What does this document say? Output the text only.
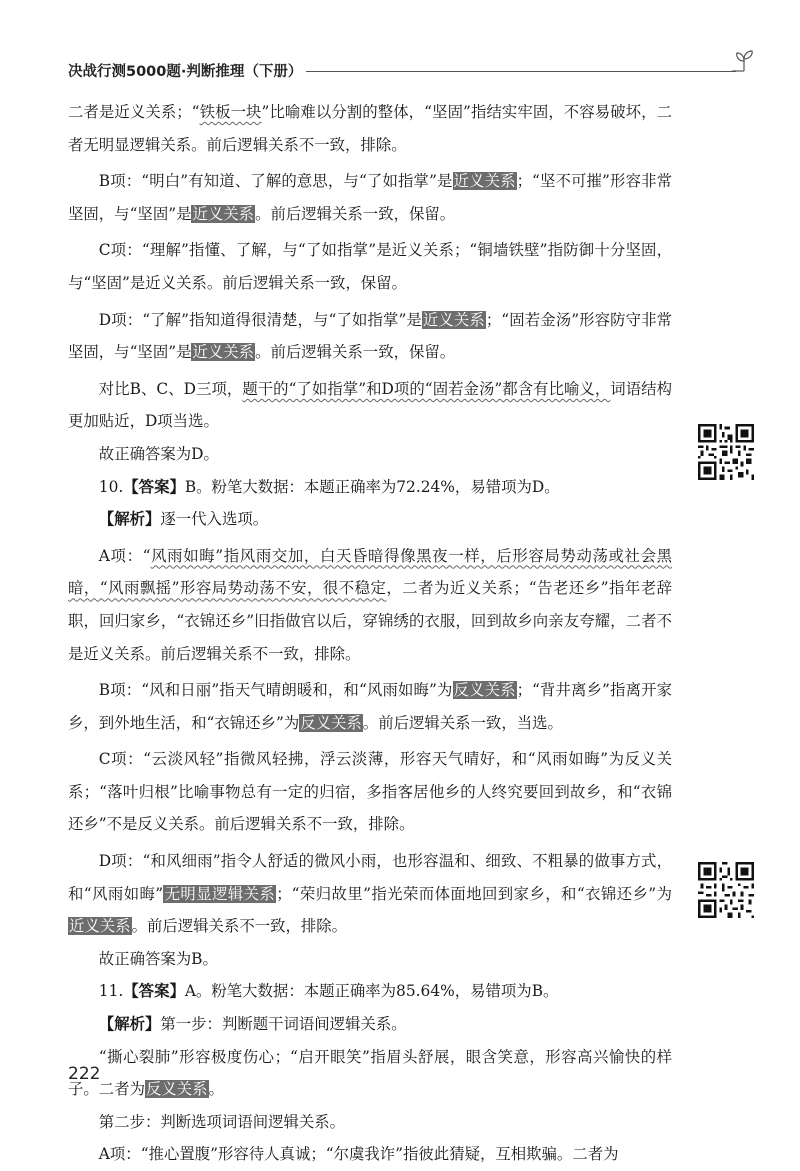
决战行测5000题·判断推理（下册）

二者是近义关系；“铁板一块”比喻难以分割的整体，“坚固”指结实牢固，不容易破坏，二者无明显逻辑关系。前后逻辑关系不一致，排除。

B项：“明白”有知道、了解的意思，与“了如指掌”是近义关系；“坚不可摧”形容非常坚固，与“坚固”是近义关系。前后逻辑关系一致，保留。

C项：“理解”指懂、了解，与“了如指掌”是近义关系；“铜墙铁壁”指防御十分坚固，与“坚固”是近义关系。前后逻辑关系一致，保留。

D项：“了解”指知道得很清楚，与“了如指掌”是近义关系；“固若金汤”形容防守非常坚固，与“坚固”是近义关系。前后逻辑关系一致，保留。

对比B、C、D三项，题干的“了如指掌”和D项的“固若金汤”都含有比喻义，词语结构更加贴近，D项当选。

故正确答案为D。

10.【答案】B。粉笔大数据：本题正确率为72.24%，易错项为D。

【解析】逐一代入选项。

A项：“风雨如晦”指风雨交加，白天昏暗得像黑夜一样，后形容局势动荡或社会黑暗，“风雨飘摇”形容局势动荡不安，很不稳定，二者为近义关系；“告老还乡”指年老辞职，回归家乡，“衣锦还乡”旧指做官以后，穿锦绣的衣服，回到故乡向亲友夸耀，二者不是近义关系。前后逻辑关系不一致，排除。

B项：“风和日丽”指天气晴朗暖和，和“风雨如晦”为反义关系；“背井离乡”指离开家乡，到外地生活，和“衣锦还乡”为反义关系。前后逻辑关系一致，当选。

C项：“云淡风轻”指微风轻拂，浮云淡薄，形容天气晴好，和“风雨如晦”为反义关系；“落叶归根”比喻事物总有一定的归宿，多指客居他乡的人终究要回到故乡，和“衣锦还乡”不是反义关系。前后逻辑关系不一致，排除。

D项：“和风细雨”指令人舒适的微风小雨，也形容温和、细致、不粗暴的做事方式，和“风雨如晦”无明显逻辑关系；“荣归故里”指光荣而体面地回到家乡，和“衣锦还乡”为近义关系。前后逻辑关系不一致，排除。

故正确答案为B。

11.【答案】A。粉笔大数据：本题正确率为85.64%，易错项为B。

【解析】第一步：判断题干词语间逻辑关系。

“撕心裂肺”形容极度伤心；“启开眼笑”指眉头舒展，眼含笑意，形容高兴愉快的样子。二者为反义关系。

第二步：判断选项词语间逻辑关系。

A项：“推心置腹”形容待人真诚；“尔虞我诈”指彼此猜疑，互相欺骗。二者为

222
